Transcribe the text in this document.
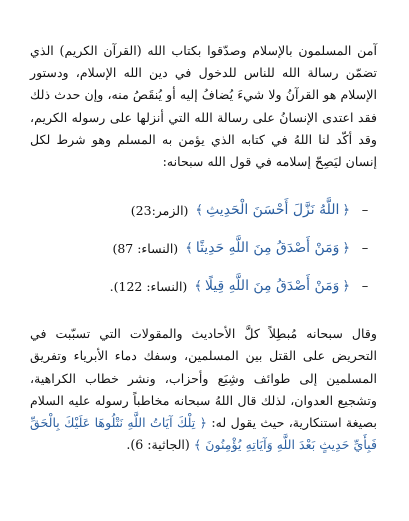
آمن المسلمون بالإسلام وصدّقوا بكتاب الله (القرآن الكريم) الذي تضمّن رسالة الله للناس للدخول في دين الله الإسلام، ودستور الإسلام هو القرآنُ ولا شيءَ يُضافُ إليه أو يُنقَصُ منه، وإن حدث ذلك فقد اعتدى الإنسانُ على رسالة الله التي أنزلها على رسوله الكريم، وقد أكّد لنا اللهُ في كتابه الذي يؤمن به المسلم وهو شرط لكل إنسان ليَصِحّ إسلامه في قول الله سبحانه:

–
﴿
اللَّهُ نَزَّلَ أَحْسَنَ الْحَدِيثِ
﴾
(الزمر:23)
–
﴿
وَمَنْ أَصْدَقُ مِنَ اللَّهِ حَدِيثًا
﴾
(النساء: 87)
–
﴿
وَمَنْ أَصْدَقُ مِنَ اللَّهِ قِيلًا
﴾
(النساء: 122).

وقال سبحانه مُبطِلاً كلَّ الأحاديث والمقولات التي تسبّبت في التحريض على القتل بين المسلمين، وسفك دماء الأبرياء وتفريق المسلمين إلى طوائف وشِيَع وأحزاب، ونشر خطاب الكراهية، وتشجيع العدوان، لذلك قال اللهُ سبحانه مخاطباً رسوله عليه السلام بصيغة استنكارية، حيث يقول له: ﴿ تِلْكَ آيَاتُ اللَّهِ نَتْلُوهَا عَلَيْكَ بِالْحَقِّ فَبِأَيِّ حَدِيثٍ بَعْدَ اللَّهِ وَآيَاتِهِ يُؤْمِنُونَ ﴾ (الجاثية: 6).
